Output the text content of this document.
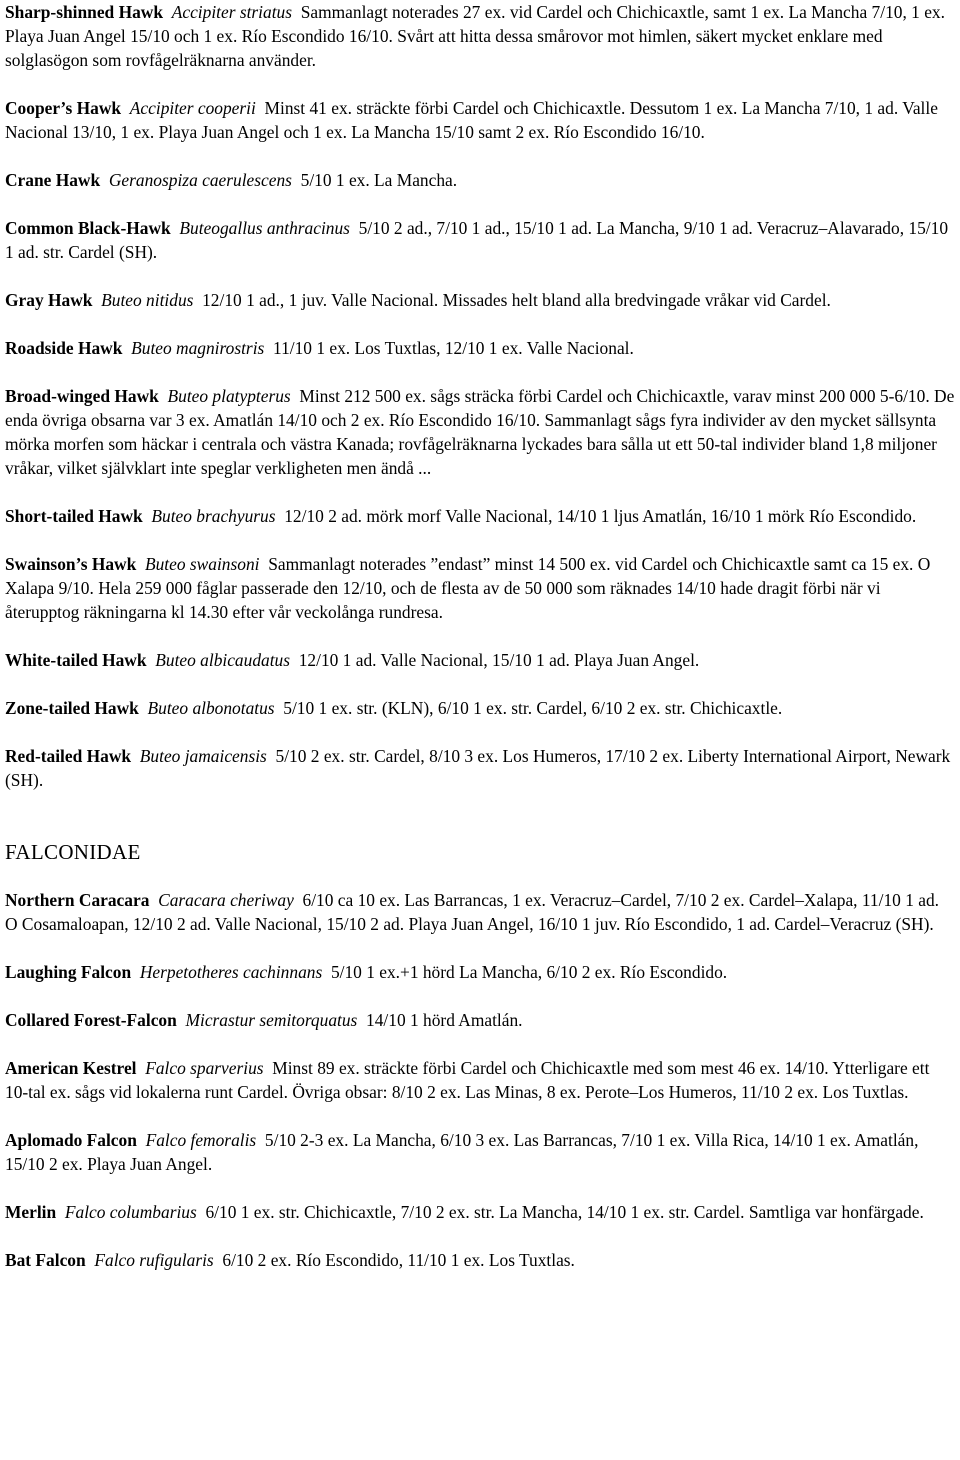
Sharp-shinned Hawk Accipiter striatus Sammanlagt noterades 27 ex. vid Cardel och Chichicaxtle, samt 1 ex. La Mancha 7/10, 1 ex. Playa Juan Angel 15/10 och 1 ex. Río Escondido 16/10. Svårt att hitta dessa smårovor mot himlen, säkert mycket enklare med solglasögon som rovfågelräknarna använder.

Cooper’s Hawk Accipiter cooperii Minst 41 ex. sträckte förbi Cardel och Chichicaxtle. Dessutom 1 ex. La Mancha 7/10, 1 ad. Valle Nacional 13/10, 1 ex. Playa Juan Angel och 1 ex. La Mancha 15/10 samt 2 ex. Río Escondido 16/10.

Crane Hawk Geranospiza caerulescens 5/10 1 ex. La Mancha.

Common Black-Hawk Buteogallus anthracinus 5/10 2 ad., 7/10 1 ad., 15/10 1 ad. La Mancha, 9/10 1 ad. Veracruz–Alavarado, 15/10 1 ad. str. Cardel (SH).

Gray Hawk Buteo nitidus 12/10 1 ad., 1 juv. Valle Nacional. Missades helt bland alla bredvingade vråkar vid Cardel.

Roadside Hawk Buteo magnirostris 11/10 1 ex. Los Tuxtlas, 12/10 1 ex. Valle Nacional.

Broad-winged Hawk Buteo platypterus Minst 212 500 ex. sågs sträcka förbi Cardel och Chichicaxtle, varav minst 200 000 5-6/10. De enda övriga obsarna var 3 ex. Amatlán 14/10 och 2 ex. Río Escondido 16/10. Sammanlagt sågs fyra individer av den mycket sällsynta mörka morfen som häckar i centrala och västra Kanada; rovfågelräknarna lyckades bara sålla ut ett 50-tal individer bland 1,8 miljoner vråkar, vilket självklart inte speglar verkligheten men ändå ...

Short-tailed Hawk Buteo brachyurus 12/10 2 ad. mörk morf Valle Nacional, 14/10 1 ljus Amatlán, 16/10 1 mörk Río Escondido.

Swainson’s Hawk Buteo swainsoni Sammanlagt noterades ”endast” minst 14 500 ex. vid Cardel och Chichicaxtle samt ca 15 ex. O Xalapa 9/10. Hela 259 000 fåglar passerade den 12/10, och de flesta av de 50 000 som räknades 14/10 hade dragit förbi när vi återupptog räkningarna kl 14.30 efter vår veckolånga rundresa.

White-tailed Hawk Buteo albicaudatus 12/10 1 ad. Valle Nacional, 15/10 1 ad. Playa Juan Angel.

Zone-tailed Hawk Buteo albonotatus 5/10 1 ex. str. (KLN), 6/10 1 ex. str. Cardel, 6/10 2 ex. str. Chichicaxtle.

Red-tailed Hawk Buteo jamaicensis 5/10 2 ex. str. Cardel, 8/10 3 ex. Los Humeros, 17/10 2 ex. Liberty International Airport, Newark (SH).

FALCONIDAE

Northern Caracara Caracara cheriway 6/10 ca 10 ex. Las Barrancas, 1 ex. Veracruz–Cardel, 7/10 2 ex. Cardel–Xalapa, 11/10 1 ad. O Cosamaloapan, 12/10 2 ad. Valle Nacional, 15/10 2 ad. Playa Juan Angel, 16/10 1 juv. Río Escondido, 1 ad. Cardel–Veracruz (SH).

Laughing Falcon Herpetotheres cachinnans 5/10 1 ex.+1 hörd La Mancha, 6/10 2 ex. Río Escondido.

Collared Forest-Falcon Micrastur semitorquatus 14/10 1 hörd Amatlán.

American Kestrel Falco sparverius Minst 89 ex. sträckte förbi Cardel och Chichicaxtle med som mest 46 ex. 14/10. Ytterligare ett 10-tal ex. sågs vid lokalerna runt Cardel. Övriga obsar: 8/10 2 ex. Las Minas, 8 ex. Perote–Los Humeros, 11/10 2 ex. Los Tuxtlas.

Aplomado Falcon Falco femoralis 5/10 2-3 ex. La Mancha, 6/10 3 ex. Las Barrancas, 7/10 1 ex. Villa Rica, 14/10 1 ex. Amatlán, 15/10 2 ex. Playa Juan Angel.

Merlin Falco columbarius 6/10 1 ex. str. Chichicaxtle, 7/10 2 ex. str. La Mancha, 14/10 1 ex. str. Cardel. Samtliga var honfärgade.

Bat Falcon Falco rufigularis 6/10 2 ex. Río Escondido, 11/10 1 ex. Los Tuxtlas.
